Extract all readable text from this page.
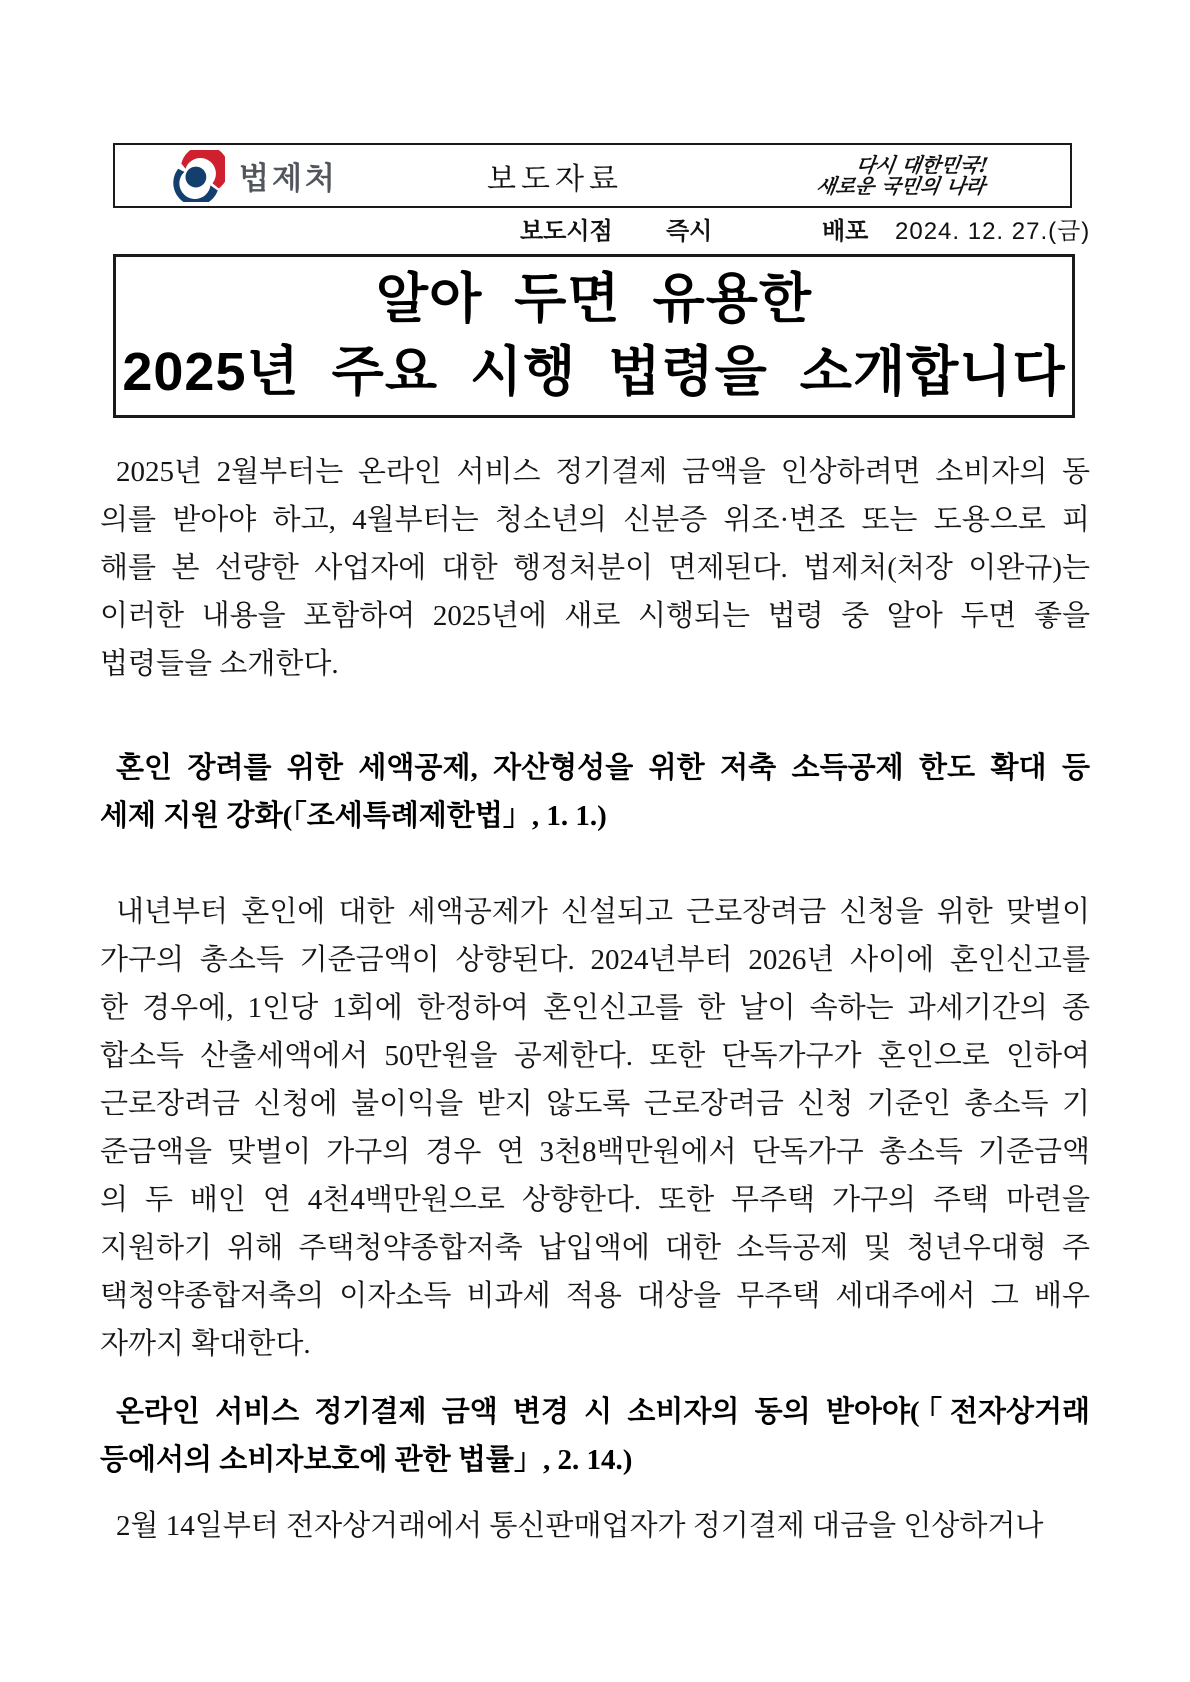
법제처	보도자료	다시 대한민국!
새로운 국민의 나라
보도시점 즉시	배포 2024. 12. 27.(금)
알아 두면 유용한
2025년 주요 시행 법령을 소개합니다
2025년 2월부터는 온라인 서비스 정기결제 금액을 인상하려면 소비자의 동
의를 받아야 하고, 4월부터는 청소년의 신분증 위조·변조 또는 도용으로 피
해를 본 선량한 사업자에 대한 행정처분이 면제된다. 법제처(처장 이완규)는
이러한 내용을 포함하여 2025년에 새로 시행되는 법령 중 알아 두면 좋을
법령들을 소개한다.
혼인 장려를 위한 세액공제, 자산형성을 위한 저축 소득공제 한도 확대 등
세제 지원 강화(「조세특례제한법」, 1. 1.)
내년부터 혼인에 대한 세액공제가 신설되고 근로장려금 신청을 위한 맞벌이
가구의 총소득 기준금액이 상향된다. 2024년부터 2026년 사이에 혼인신고를
한 경우에, 1인당 1회에 한정하여 혼인신고를 한 날이 속하는 과세기간의 종
합소득 산출세액에서 50만원을 공제한다. 또한 단독가구가 혼인으로 인하여
근로장려금 신청에 불이익을 받지 않도록 근로장려금 신청 기준인 총소득 기
준금액을 맞벌이 가구의 경우 연 3천8백만원에서 단독가구 총소득 기준금액
의 두 배인 연 4천4백만원으로 상향한다. 또한 무주택 가구의 주택 마련을
지원하기 위해 주택청약종합저축 납입액에 대한 소득공제 및 청년우대형 주
택청약종합저축의 이자소득 비과세 적용 대상을 무주택 세대주에서 그 배우
자까지 확대한다.
온라인 서비스 정기결제 금액 변경 시 소비자의 동의 받아야(「전자상거래
등에서의 소비자보호에 관한 법률」, 2. 14.)
2월 14일부터 전자상거래에서 통신판매업자가 정기결제 대금을 인상하거나
